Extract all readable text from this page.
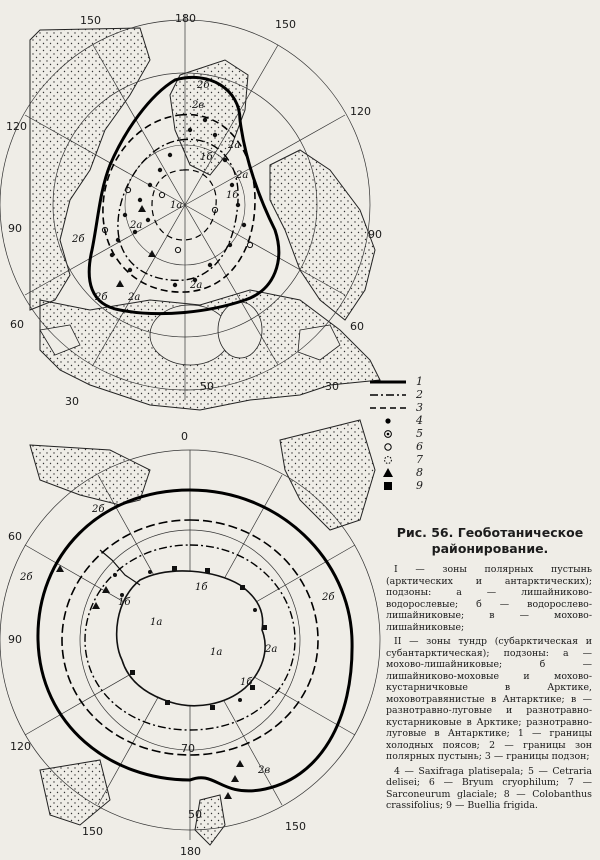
150	180	150
120
120
90	90
60	60
30
30
0
50
2б
2в
2a
1б
2a
1б
1a
2a
2a
2б
2б 2a
60
90
120
150
180
150
70
50
2б
2б
2б
1б
1a
1a
1б
2a
1б
2в
1
2
3
4
5
6
7
8
9
Рис. 56. Геоботаническое
районирование.

I — зоны полярных пустынь (арктических и антарктических); подзоны: а — лишайниково-водорослевые; б — водорослево-лишайниковые; в — мохово-лишайниковые;

II — зоны тундр (субарктическая и субантарктическая); подзоны: а — мохово-лишайниковые; б — лишайниково-моховые и мохово-кустарничковые в Арктике, моховотравянистые в Антарктике; в — разнотравно-луговые и разнотравно-кустарниковые в Арктике; разнотравно-луговые в Антарктике; 1 — границы холодных поясов; 2 — границы зон полярных пустынь; 3 — границы подзон;

4 — Saxifraga platisepala; 5 — Cetraria delisei; 6 — Bryum cryophilum; 7 — Sarconeurum glaciale; 8 — Colobanthus crassifolius; 9 — Buellia frigida.
